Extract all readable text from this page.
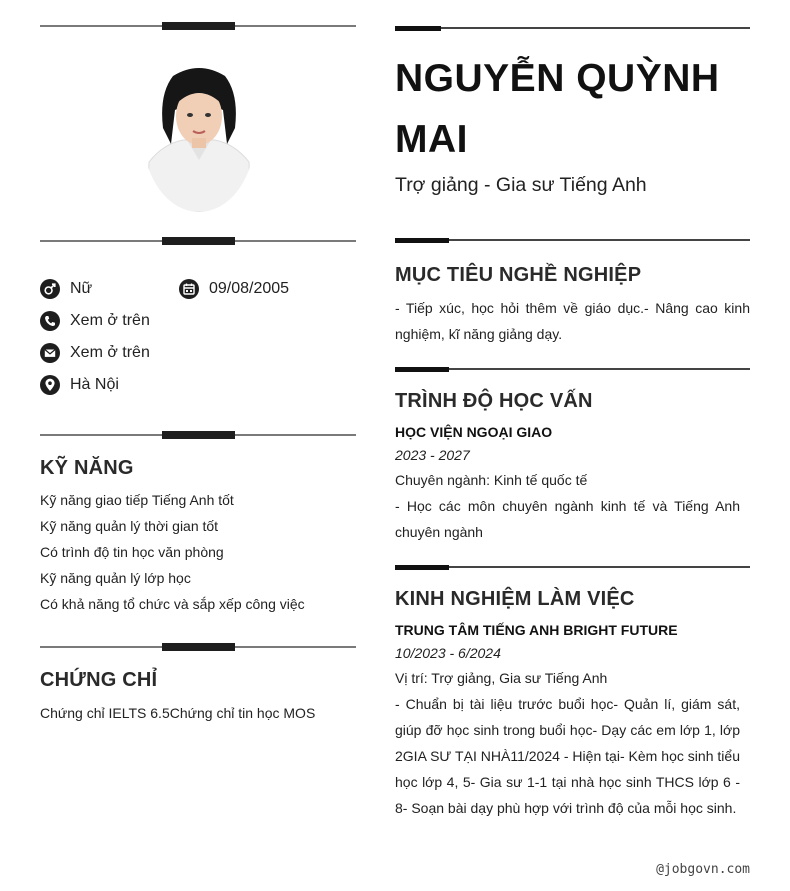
Nữ	09/08/2005
Xem ở trên
Xem ở trên
Hà Nội
KỸ NĂNG
Kỹ năng giao tiếp Tiếng Anh tốt
Kỹ năng quản lý thời gian tốt
Có trình độ tin học văn phòng
Kỹ năng quản lý lớp học
Có khả năng tổ chức và sắp xếp công việc
CHỨNG CHỈ
Chứng chỉ IELTS 6.5Chứng chỉ tin học MOS
NGUYỄN QUỲNH MAI
Trợ giảng - Gia sư Tiếng Anh
MỤC TIÊU NGHỀ NGHIỆP

- Tiếp xúc, học hỏi thêm về giáo dục.- Nâng cao kinh nghiệm, kĩ năng giảng dạy.

TRÌNH ĐỘ HỌC VẤN
HỌC VIỆN NGOẠI GIAO
2023 - 2027
Chuyên ngành: Kinh tế quốc tế

- Học các môn chuyên ngành kinh tế và Tiếng Anh chuyên ngành

KINH NGHIỆM LÀM VIỆC
TRUNG TÂM TIẾNG ANH BRIGHT FUTURE
10/2023 - 6/2024
Vị trí: Trợ giảng, Gia sư Tiếng Anh

- Chuẩn bị tài liệu trước buổi học- Quản lí, giám sát, giúp đỡ học sinh trong buổi học- Dạy các em lớp 1, lớp 2GIA SƯ TẠI NHÀ11/2024 - Hiện tại- Kèm học sinh tiểu học lớp 4, 5- Gia sư 1-1 tại nhà học sinh THCS lớp 6 - 8- Soạn bài dạy phù hợp với trình độ của mỗi học sinh.

@jobgovn.com
